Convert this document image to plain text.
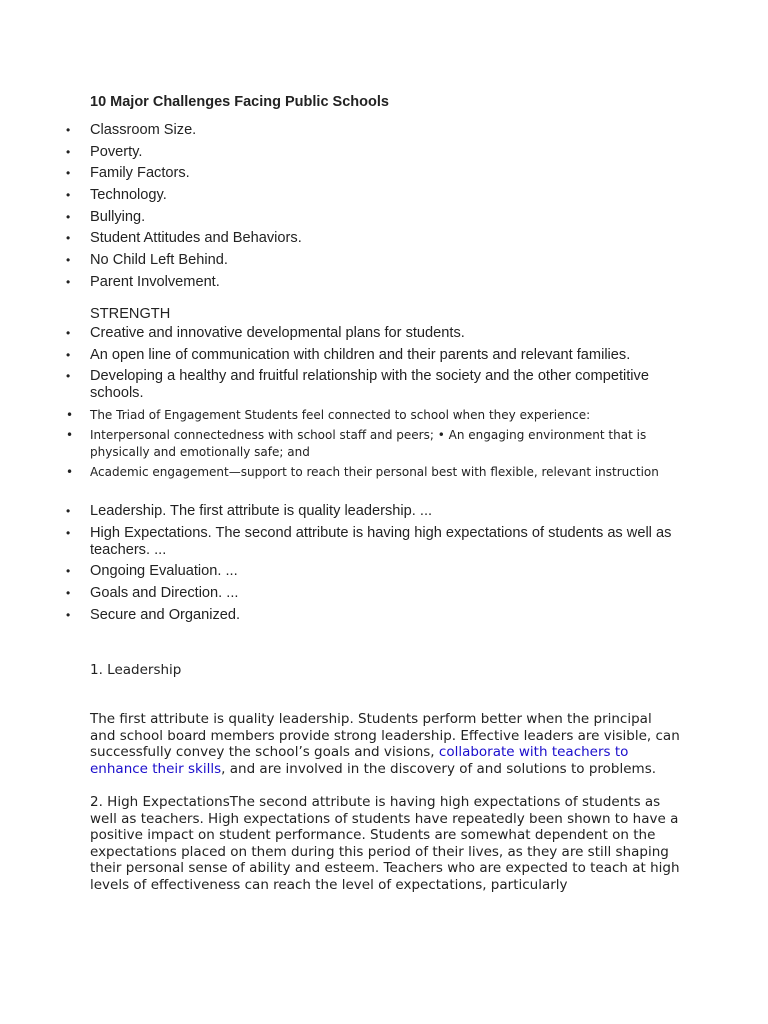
10 Major Challenges Facing Public Schools
• Classroom Size.
• Poverty.
• Family Factors.
• Technology.
• Bullying.
• Student Attitudes and Behaviors.
• No Child Left Behind.
• Parent Involvement.
STRENGTH
• Creative and innovative developmental plans for students.
• An open line of communication with children and their parents and relevant families.
• Developing a healthy and fruitful relationship with the society and the other competitive schools.
• The Triad of Engagement Students feel connected to school when they experience:
• Interpersonal connectedness with school staff and peers; • An engaging environment that is physically and emotionally safe; and
• Academic engagement—support to reach their personal best with flexible, relevant instruction
• Leadership. The first attribute is quality leadership. ...
• High Expectations. The second attribute is having high expectations of students as well as teachers. ...
• Ongoing Evaluation. ...
• Goals and Direction. ...
• Secure and Organized.
1. Leadership

The first attribute is quality leadership. Students perform better when the principal and school board members provide strong leadership. Effective leaders are visible, can successfully convey the school’s goals and visions, collaborate with teachers to enhance their skills, and are involved in the discovery of and solutions to problems.

2. High ExpectationsThe second attribute is having high expectations of students as well as teachers. High expectations of students have repeatedly been shown to have a positive impact on student performance. Students are somewhat dependent on the expectations placed on them during this period of their lives, as they are still shaping their personal sense of ability and esteem. Teachers who are expected to teach at high levels of effectiveness can reach the level of expectations, particularly
